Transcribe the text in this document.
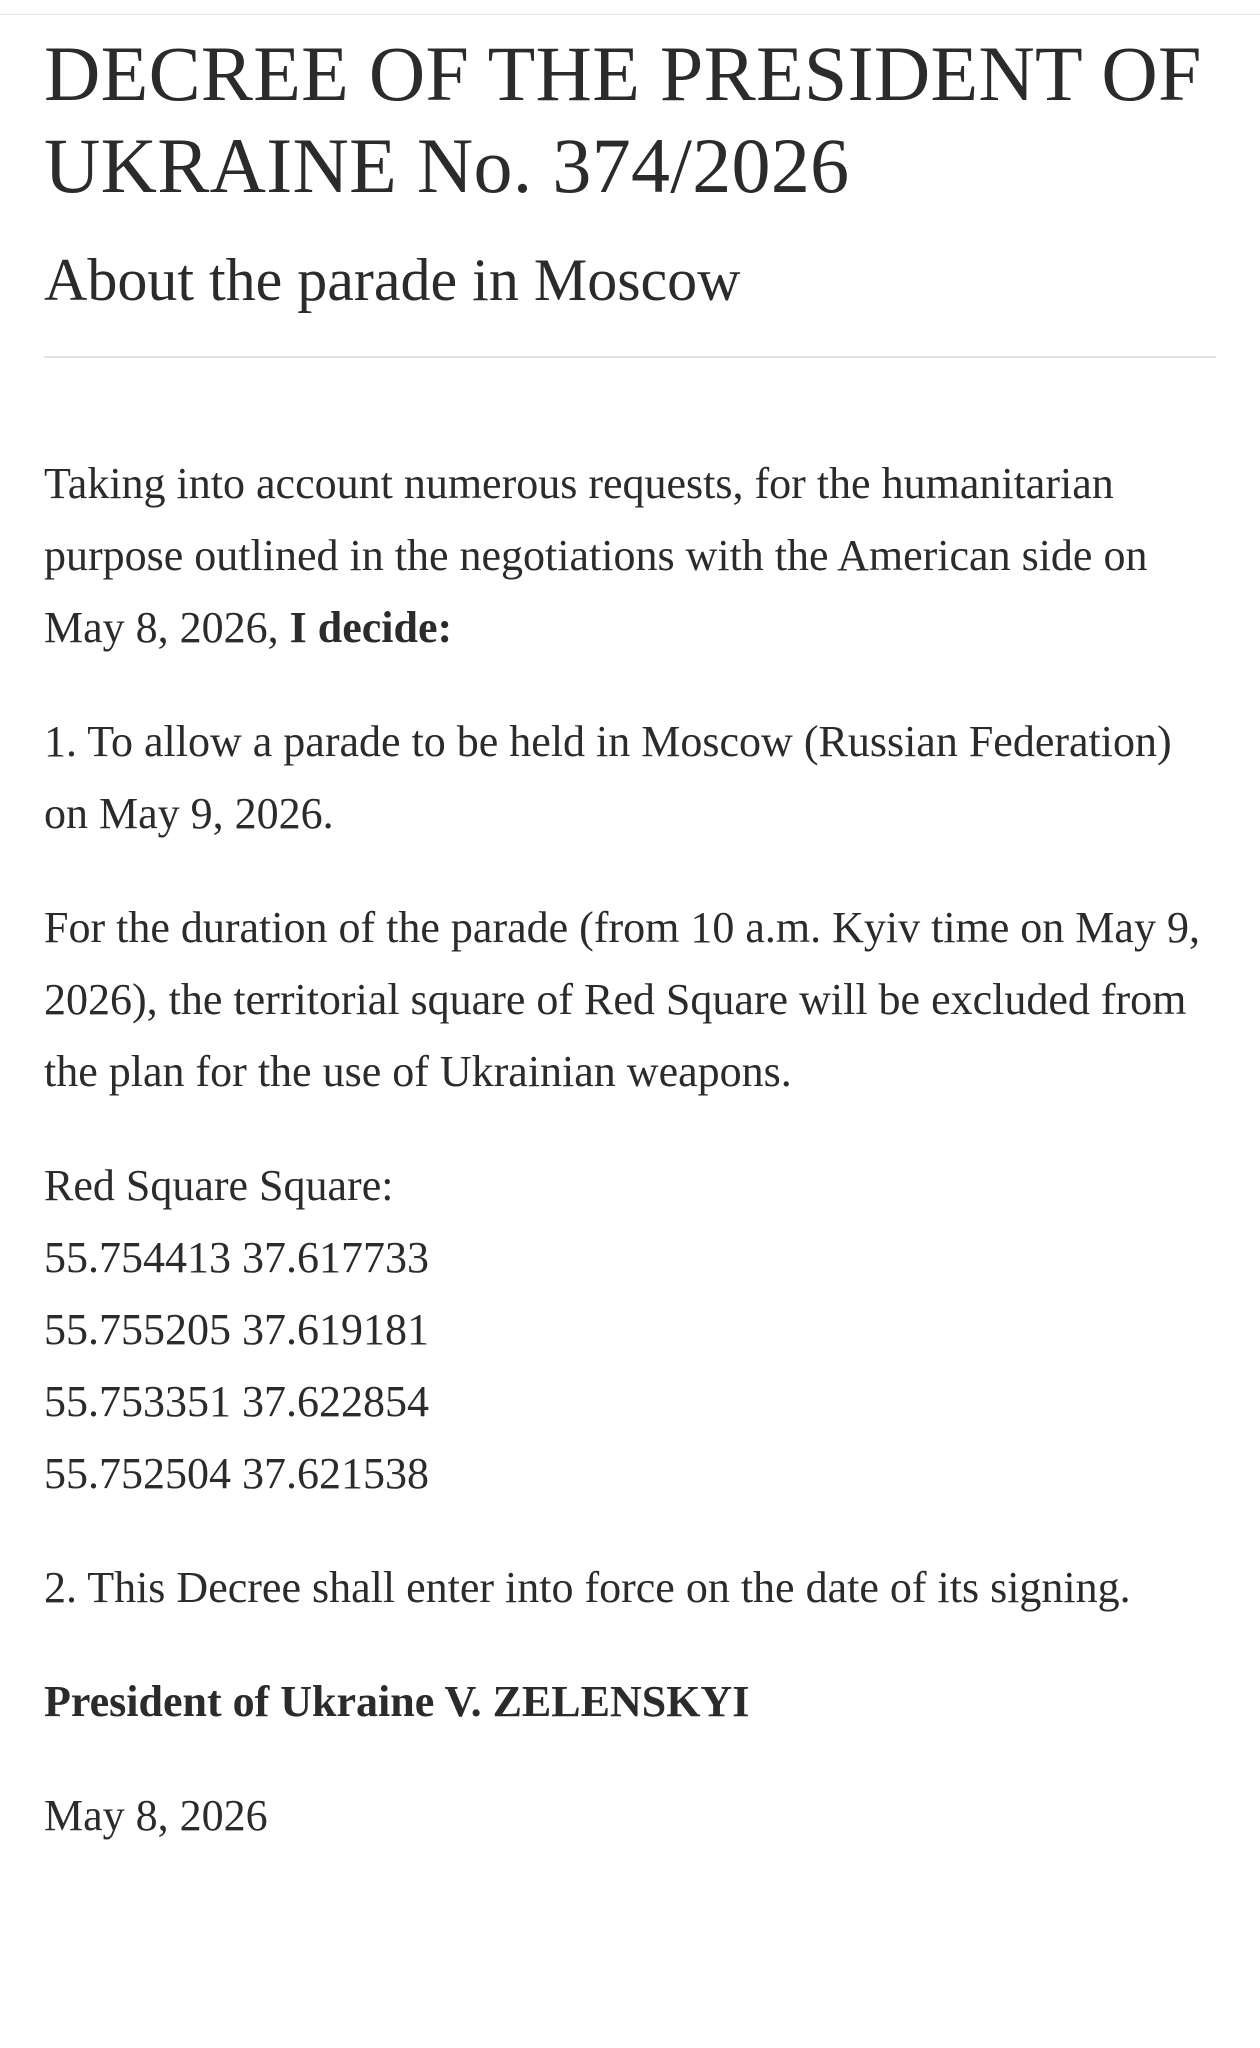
DECREE OF THE PRESIDENT OF UKRAINE No. 374/2026
About the parade in Moscow

Taking into account numerous requests, for the humanitarian purpose outlined in the negotiations with the American side on May 8, 2026, I decide:

1. To allow a parade to be held in Moscow (Russian Federation) on May 9, 2026.

For the duration of the parade (from 10 a.m. Kyiv time on May 9, 2026), the territorial square of Red Square will be excluded from the plan for the use of Ukrainian weapons.

Red Square Square:
55.754413 37.617733
55.755205 37.619181
55.753351 37.622854
55.752504 37.621538

2. This Decree shall enter into force on the date of its signing.

President of Ukraine V. ZELENSKYI

May 8, 2026
